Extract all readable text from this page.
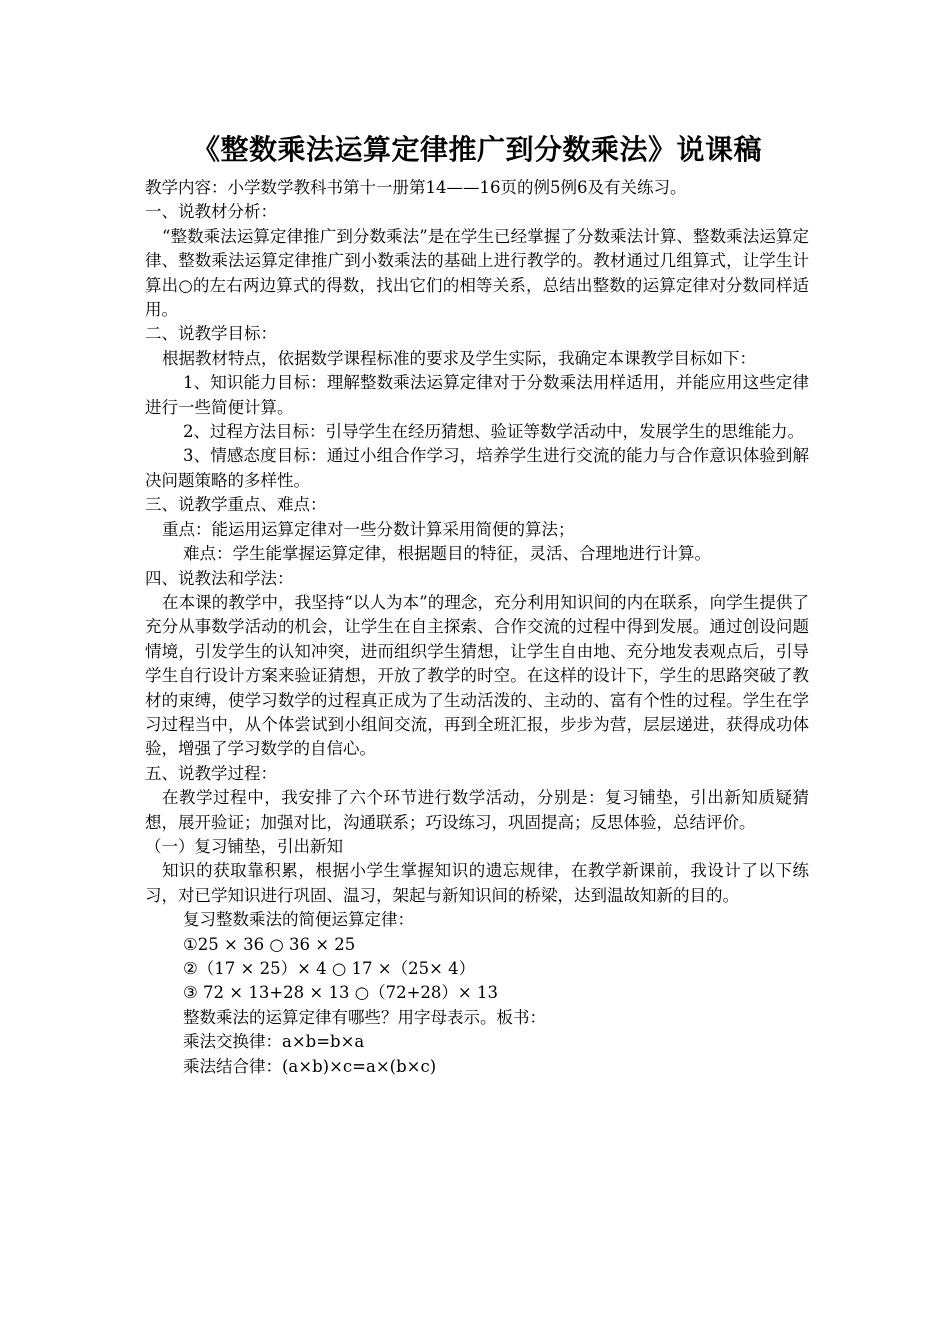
《整数乘法运算定律推广到分数乘法》说课稿

教学内容：小学数学教科书第十一册第14——16页的例5例6及有关练习。

一、说教材分析：

“整数乘法运算定律推广到分数乘法”是在学生已经掌握了分数乘法计算、整数乘法运算定律、整数乘法运算定律推广到小数乘法的基础上进行教学的。教材通过几组算式，让学生计算出○的左右两边算式的得数，找出它们的相等关系，总结出整数的运算定律对分数同样适用。

二、说教学目标：

根据教材特点，依据数学课程标准的要求及学生实际，我确定本课教学目标如下：

1、知识能力目标：理解整数乘法运算定律对于分数乘法用样适用，并能应用这些定律进行一些简便计算。

2、过程方法目标：引导学生在经历猜想、验证等数学活动中，发展学生的思维能力。

3、情感态度目标：通过小组合作学习，培养学生进行交流的能力与合作意识体验到解决问题策略的多样性。

三、说教学重点、难点：

重点：能运用运算定律对一些分数计算采用简便的算法；

难点：学生能掌握运算定律，根据题目的特征，灵活、合理地进行计算。

四、说教法和学法：

在本课的教学中，我坚持“以人为本”的理念，充分利用知识间的内在联系，向学生提供了充分从事数学活动的机会，让学生在自主探索、合作交流的过程中得到发展。通过创设问题情境，引发学生的认知冲突，进而组织学生猜想，让学生自由地、充分地发表观点后，引导学生自行设计方案来验证猜想，开放了教学的时空。在这样的设计下，学生的思路突破了教材的束缚，使学习数学的过程真正成为了生动活泼的、主动的、富有个性的过程。学生在学习过程当中，从个体尝试到小组间交流，再到全班汇报，步步为营，层层递进，获得成功体验，增强了学习数学的自信心。

五、说教学过程：

在教学过程中，我安排了六个环节进行数学活动，分别是：复习铺垫，引出新知质疑猜想，展开验证；加强对比，沟通联系；巧设练习，巩固提高；反思体验，总结评价。

（一）复习铺垫，引出新知

知识的获取靠积累，根据小学生掌握知识的遗忘规律，在教学新课前，我设计了以下练习，对已学知识进行巩固、温习，架起与新知识间的桥梁，达到温故知新的目的。

复习整数乘法的简便运算定律：

①25 × 36 ○ 36 × 25

②（17 × 25）× 4 ○ 17 ×（25× 4）

③ 72 × 13+28 × 13 ○（72+28）× 13

整数乘法的运算定律有哪些？用字母表示。板书：

乘法交换律：a×b=b×a

乘法结合律：(a×b)×c=a×(b×c)
